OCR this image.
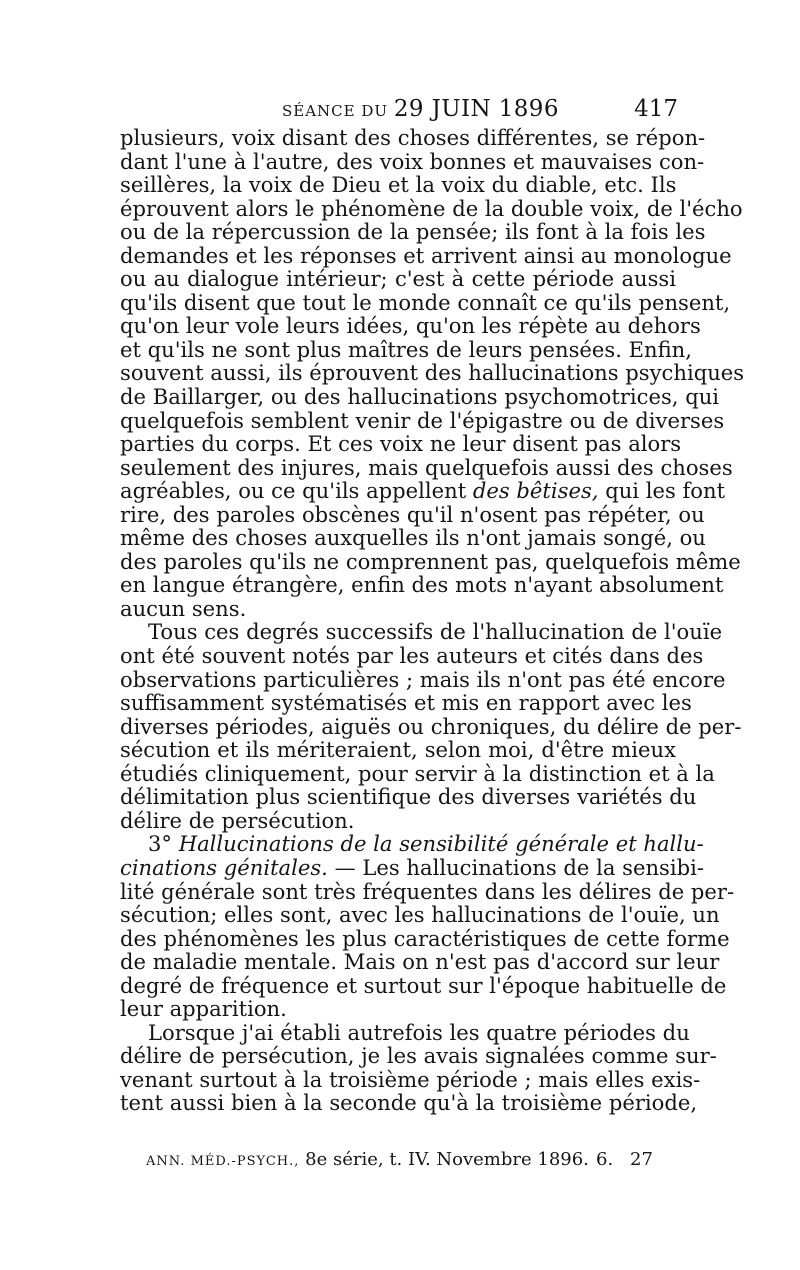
SÉANCE DU 29 JUIN 1896	417
plusieurs, voix disant des choses différentes, se répon-
dant l'une à l'autre, des voix bonnes et mauvaises con-
seillères, la voix de Dieu et la voix du diable, etc. Ils
éprouvent alors le phénomène de la double voix, de l'écho
ou de la répercussion de la pensée; ils font à la fois les
demandes et les réponses et arrivent ainsi au monologue
ou au dialogue intérieur; c'est à cette période aussi
qu'ils disent que tout le monde connaît ce qu'ils pensent,
qu'on leur vole leurs idées, qu'on les répète au dehors
et qu'ils ne sont plus maîtres de leurs pensées. Enfin,
souvent aussi, ils éprouvent des hallucinations psychiques
de Baillarger, ou des hallucinations psychomotrices, qui
quelquefois semblent venir de l'épigastre ou de diverses
parties du corps. Et ces voix ne leur disent pas alors
seulement des injures, mais quelquefois aussi des choses
agréables, ou ce qu'ils appellent des bêtises, qui les font
rire, des paroles obscènes qu'il n'osent pas répéter, ou
même des choses auxquelles ils n'ont jamais songé, ou
des paroles qu'ils ne comprennent pas, quelquefois même
en langue étrangère, enfin des mots n'ayant absolument
aucun sens.
Tous ces degrés successifs de l'hallucination de l'ouïe
ont été souvent notés par les auteurs et cités dans des
observations particulières ; mais ils n'ont pas été encore
suffisamment systématisés et mis en rapport avec les
diverses périodes, aiguës ou chroniques, du délire de per-
sécution et ils mériteraient, selon moi, d'être mieux
étudiés cliniquement, pour servir à la distinction et à la
délimitation plus scientifique des diverses variétés du
délire de persécution.
3° Hallucinations de la sensibilité générale et hallu-
cinations génitales. — Les hallucinations de la sensibi-
lité générale sont très fréquentes dans les délires de per-
sécution; elles sont, avec les hallucinations de l'ouïe, un
des phénomènes les plus caractéristiques de cette forme
de maladie mentale. Mais on n'est pas d'accord sur leur
degré de fréquence et surtout sur l'époque habituelle de
leur apparition.
Lorsque j'ai établi autrefois les quatre périodes du
délire de persécution, je les avais signalées comme sur-
venant surtout à la troisième période ; mais elles exis-
tent aussi bien à la seconde qu'à la troisième période,
ANN. MÉD.-PSYCH., 8e série, t. IV. Novembre 1896. 6. 27
